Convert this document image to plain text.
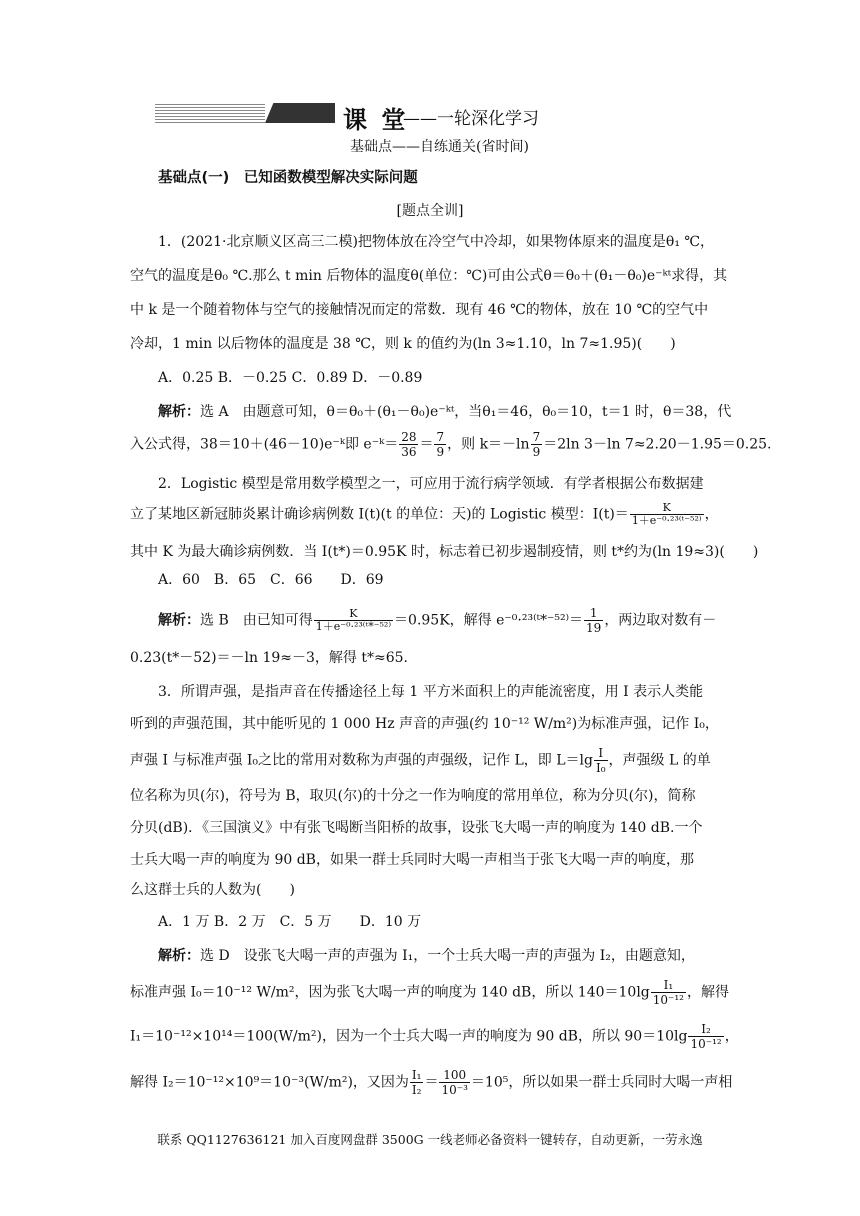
课 堂
——一轮深化学习
基础点——自练通关(省时间)
基础点(一)　已知函数模型解决实际问题
[题点全训]
1．(2021·北京顺义区高三二模)把物体放在冷空气中冷却，如果物体原来的温度是θ₁ ℃，
空气的温度是θ₀ ℃.那么 t min 后物体的温度θ(单位：℃)可由公式θ＝θ₀＋(θ₁－θ₀)e⁻ᵏᵗ求得，其
中 k 是一个随着物体与空气的接触情况而定的常数．现有 46 ℃的物体，放在 10 ℃的空气中
冷却，1 min 以后物体的温度是 38 ℃，则 k 的值约为(ln 3≈1.10，ln 7≈1.95)(　　)
A．0.25 B．－0.25 C．0.89 D．－0.89
解析：选 A　由题意可知，θ＝θ₀＋(θ₁－θ₀)e⁻ᵏᵗ，当θ₁＝46，θ₀＝10，t＝1 时，θ＝38，代
入公式得，38＝10＋(46－10)e⁻ᵏ即 e⁻ᵏ＝ $\frac{28}{36} = \frac{7}{9}$ ，则 $k=-\ln \frac{7}{9} =2\ln$ 3－ln 7≈2.20－1.95＝0.25.
2．Logistic 模型是常用数学模型之一，可应用于流行病学领域．有学者根据公布数据建
立了某地区新冠肺炎累计确诊病例数 I(t)(t 的单位：天)的 Logistic 模型：$I(t)= \frac{K}{\text{1＋e⁻⁰·²³⁽ᵗ⁻⁵²⁾}}$ ，
其中 K 为最大确诊病例数．当 I(t*)＝0.95K 时，标志着已初步遏制疫情，则 t*约为(ln 19≈3)(　　)
A．60　B．65　C．66　　D．69
解析：选 B　由已知可得 $\frac{K}{\text{1＋e⁻⁰·²³⁽ᵗ*⁻⁵²⁾}} =0.95K$，解得 e⁻⁰·²³⁽ᵗ*⁻⁵²⁾＝ $\frac{1}{19}$ ，两边取对数有－
0.23(t*－52)＝－ln 19≈－3，解得 t*≈65.
3．所谓声强，是指声音在传播途径上每 1 平方米面积上的声能流密度，用 I 表示人类能
听到的声强范围，其中能听见的 1 000 Hz 声音的声强(约 10⁻¹² W/m²)为标准声强，记作 I₀，
声强 I 与标准声强 I₀之比的常用对数称为声强的声强级，记作 L，即 $L=\lg \frac{I}{\text{I₀}}$ ，声强级 L 的单
位名称为贝(尔)，符号为 B，取贝(尔)的十分之一作为响度的常用单位，称为分贝(尔)，简称
分贝(dB)．《三国演义》中有张飞喝断当阳桥的故事，设张飞大喝一声的响度为 140 dB.一个
士兵大喝一声的响度为 90 dB，如果一群士兵同时大喝一声相当于张飞大喝一声的响度，那
么这群士兵的人数为(　　)
A．1 万 B．2 万　C．5 万　　D．10 万
解析：选 D　设张飞大喝一声的声强为 I₁，一个士兵大喝一声的声强为 I₂，由题意知，
标准声强 I₀＝10⁻¹² W/m²，因为张飞大喝一声的响度为 140 dB，所以 $140=10\lg \frac{\text{I₁}}{\text{10⁻¹²}}$ ，解得
I₁＝10⁻¹²×10¹⁴＝100(W/m²)，因为一个士兵大喝一声的响度为 90 dB，所以 $90=10\lg \frac{\text{I₂}}{\text{10⁻¹²}}$ ，
解得 I₂＝10⁻¹²×10⁹＝10⁻³(W/m²)，又因为 $\frac{\text{I₁}}{\text{I₂}} = \frac{100}{\text{10⁻³}} =10^5$，所以如果一群士兵同时大喝一声相
联系 QQ1127636121 加入百度网盘群 3500G 一线老师必备资料一键转存，自动更新，一劳永逸
